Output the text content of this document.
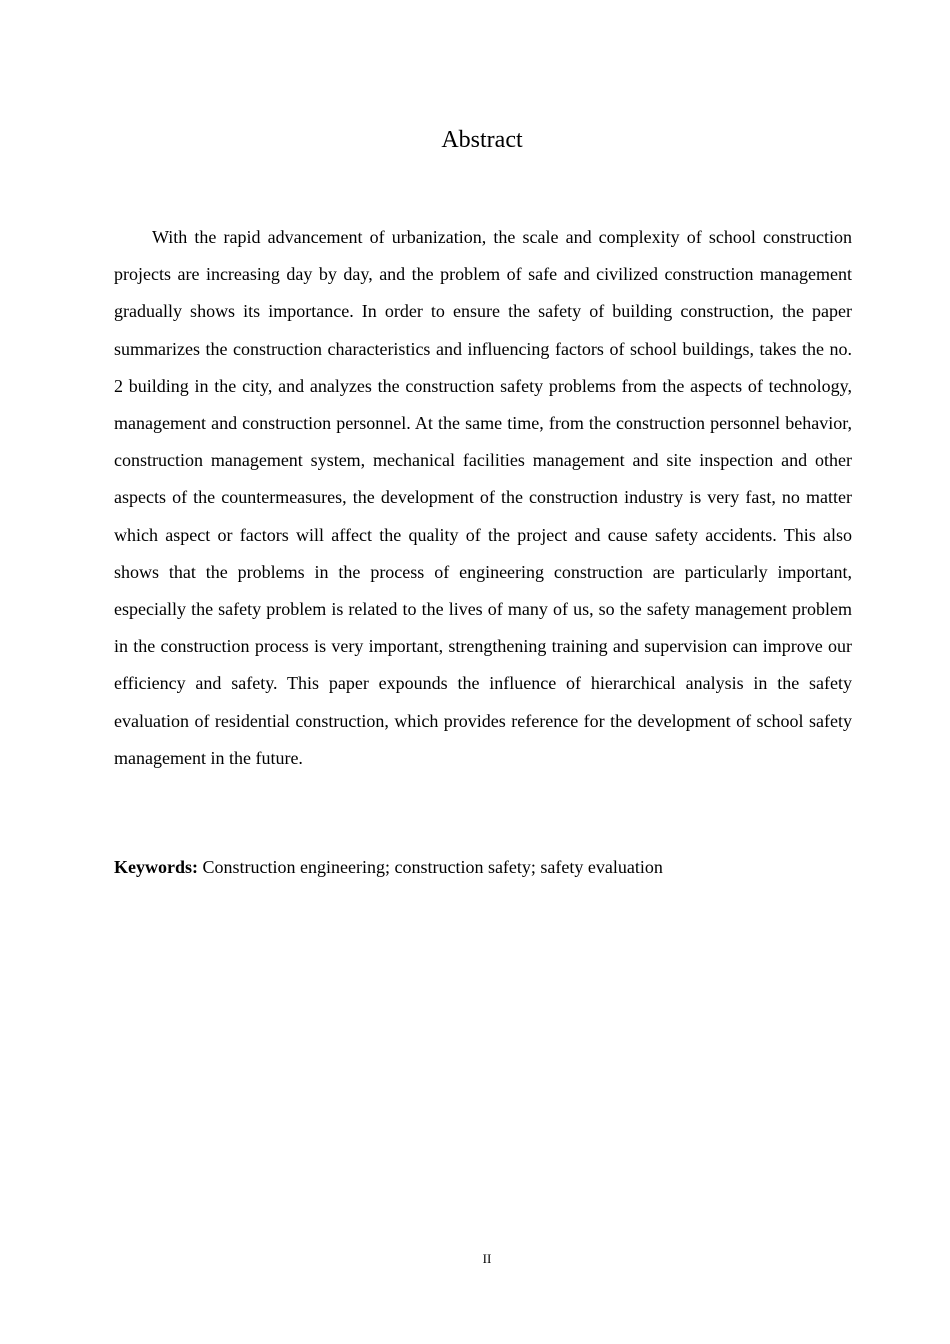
Abstract

With the rapid advancement of urbanization, the scale and complexity of school construction projects are increasing day by day, and the problem of safe and civilized construction management gradually shows its importance. In order to ensure the safety of building construction, the paper summarizes the construction characteristics and influencing factors of school buildings, takes the no. 2 building in the city, and analyzes the construction safety problems from the aspects of technology, management and construction personnel. At the same time, from the construction personnel behavior, construction management system, mechanical facilities management and site inspection and other aspects of the countermeasures, the development of the construction industry is very fast, no matter which aspect or factors will affect the quality of the project and cause safety accidents. This also shows that the problems in the process of engineering construction are particularly important, especially the safety problem is related to the lives of many of us, so the safety management problem in the construction process is very important, strengthening training and supervision can improve our efficiency and safety. This paper expounds the influence of hierarchical analysis in the safety evaluation of residential construction, which provides reference for the development of school safety management in the future.

Keywords: Construction engineering; construction safety; safety evaluation

II
